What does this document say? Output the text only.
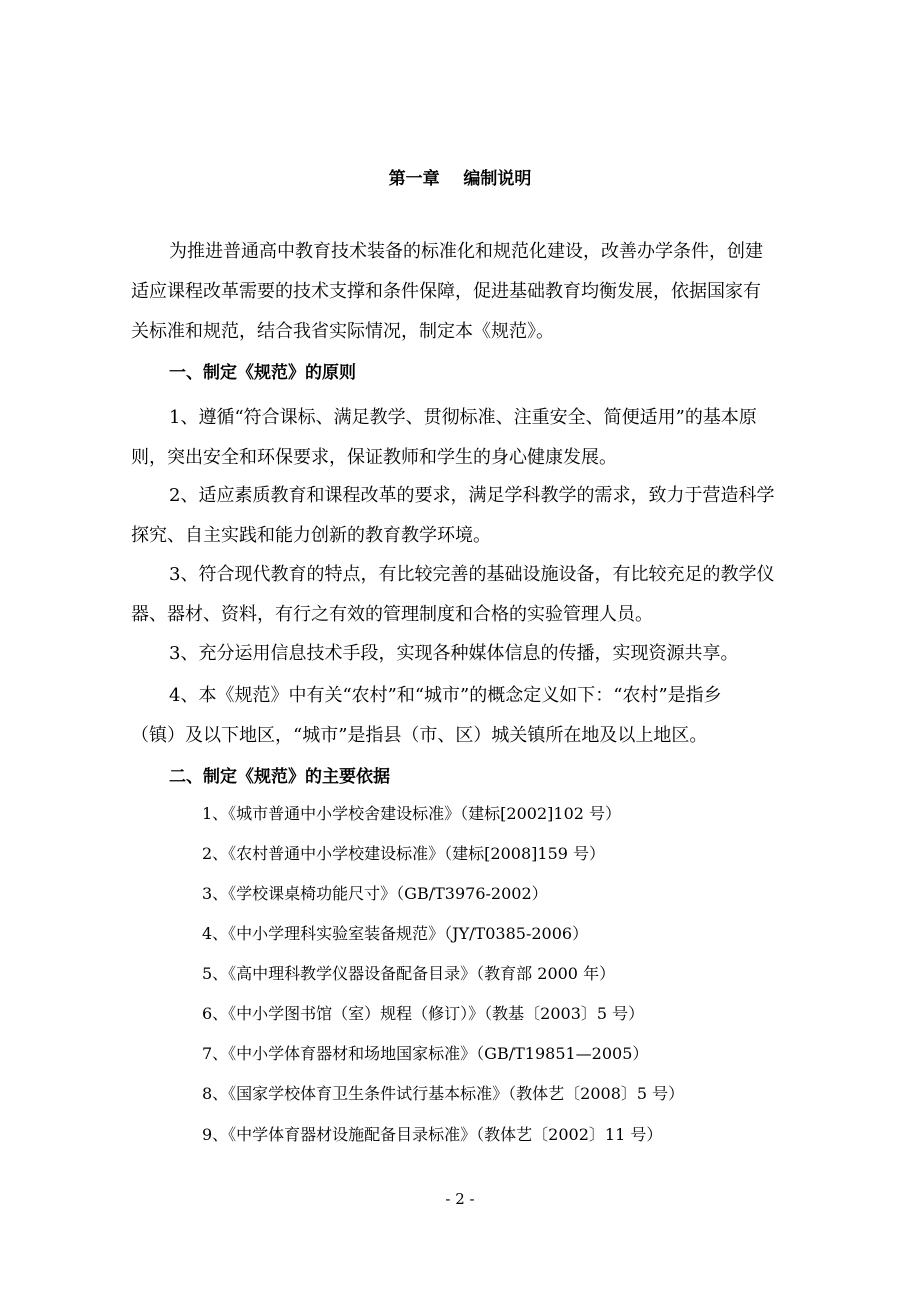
第一章    编制说明
为推进普通高中教育技术装备的标准化和规范化建设，改善办学条件，创建
适应课程改革需要的技术支撑和条件保障，促进基础教育均衡发展，依据国家有
关标准和规范，结合我省实际情况，制定本《规范》。
一、制定《规范》的原则
1、遵循“符合课标、满足教学、贯彻标准、注重安全、简便适用”的基本原
则，突出安全和环保要求，保证教师和学生的身心健康发展。
2、适应素质教育和课程改革的要求，满足学科教学的需求，致力于营造科学
探究、自主实践和能力创新的教育教学环境。
3、符合现代教育的特点，有比较完善的基础设施设备，有比较充足的教学仪
器、器材、资料，有行之有效的管理制度和合格的实验管理人员。
3、充分运用信息技术手段，实现各种媒体信息的传播，实现资源共享。
4、本《规范》中有关“农村”和“城市”的概念定义如下：“农村”是指乡
（镇）及以下地区，“城市”是指县（市、区）城关镇所在地及以上地区。
二、制定《规范》的主要依据
1、《城市普通中小学校舍建设标准》（建标[2002]102 号）
2、《农村普通中小学校建设标准》（建标[2008]159 号）
3、《学校课桌椅功能尺寸》（GB/T3976-2002）
4、《中小学理科实验室装备规范》（JY/T0385-2006）
5、《高中理科教学仪器设备配备目录》（教育部 2000 年）
6、《中小学图书馆（室）规程（修订）》（教基〔2003〕5 号）
7、《中小学体育器材和场地国家标准》（GB/T19851—2005）
8、《国家学校体育卫生条件试行基本标准》（教体艺〔2008〕5 号）
9、《中学体育器材设施配备目录标准》（教体艺〔2002〕11 号）
- 2 -
